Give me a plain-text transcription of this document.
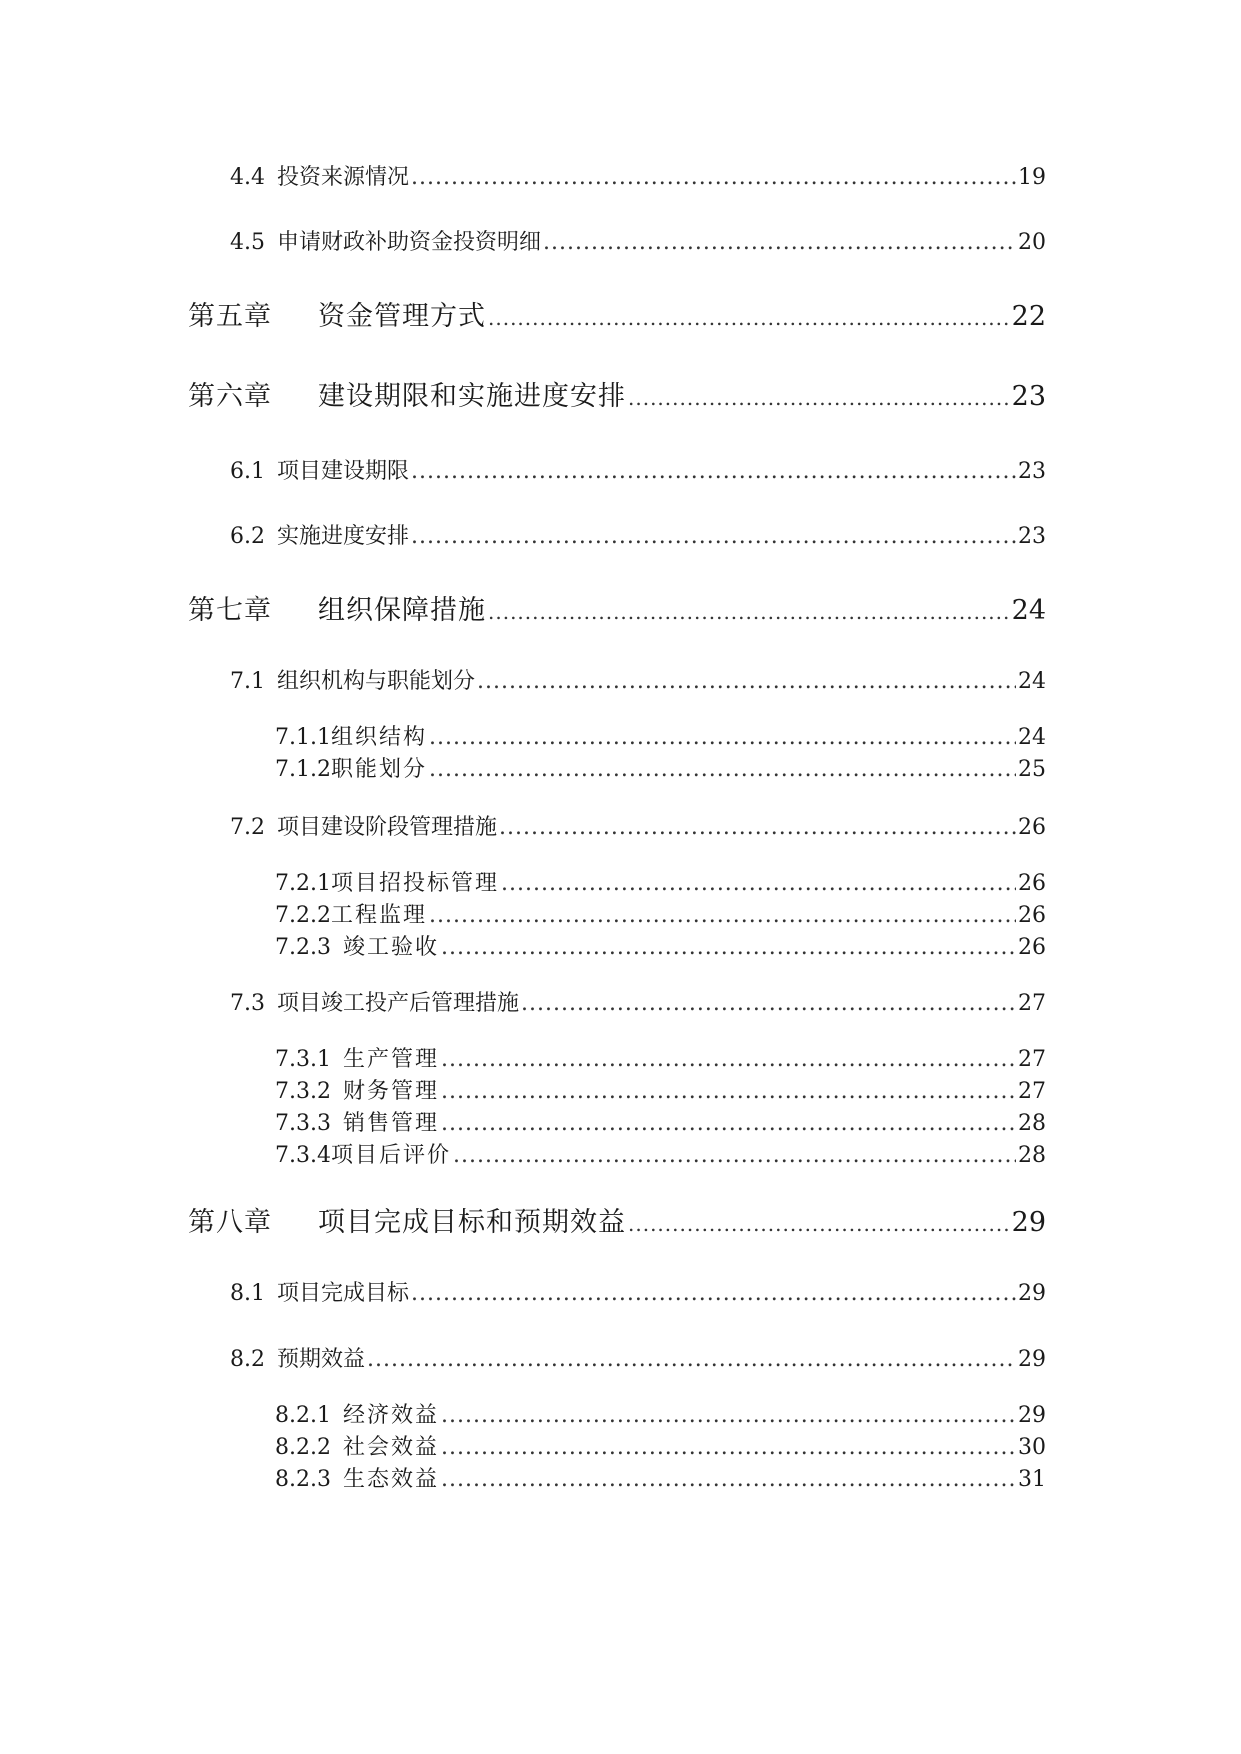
4.4 投资来源情况 .....	19
4.5 申请财政补助资金投资明细 .....	20
第五章	资金管理方式 .....	22
第六章	建设期限和实施进度安排 .....	23
6.1 项目建设期限 .....	23
6.2 实施进度安排 .....	23
第七章	组织保障措施 .....	24
7.1 组织机构与职能划分 .....	24
7.1.1 组织结构 .....	24
7.1.2 职能划分 .....	25
7.2 项目建设阶段管理措施 .....	26
7.2.1 项目招投标管理 .....	26
7.2.2 工程监理 .....	26
7.2.3 竣工验收 .....	26
7.3 项目竣工投产后管理措施 .....	27
7.3.1 生产管理 .....	27
7.3.2 财务管理 .....	27
7.3.3 销售管理 .....	28
7.3.4 项目后评价 .....	28
第八章	项目完成目标和预期效益 .....	29
8.1 项目完成目标 .....	29
8.2 预期效益 .....	29
8.2.1 经济效益 .....	29
8.2.2 社会效益 .....	30
8.2.3 生态效益 .....	31
